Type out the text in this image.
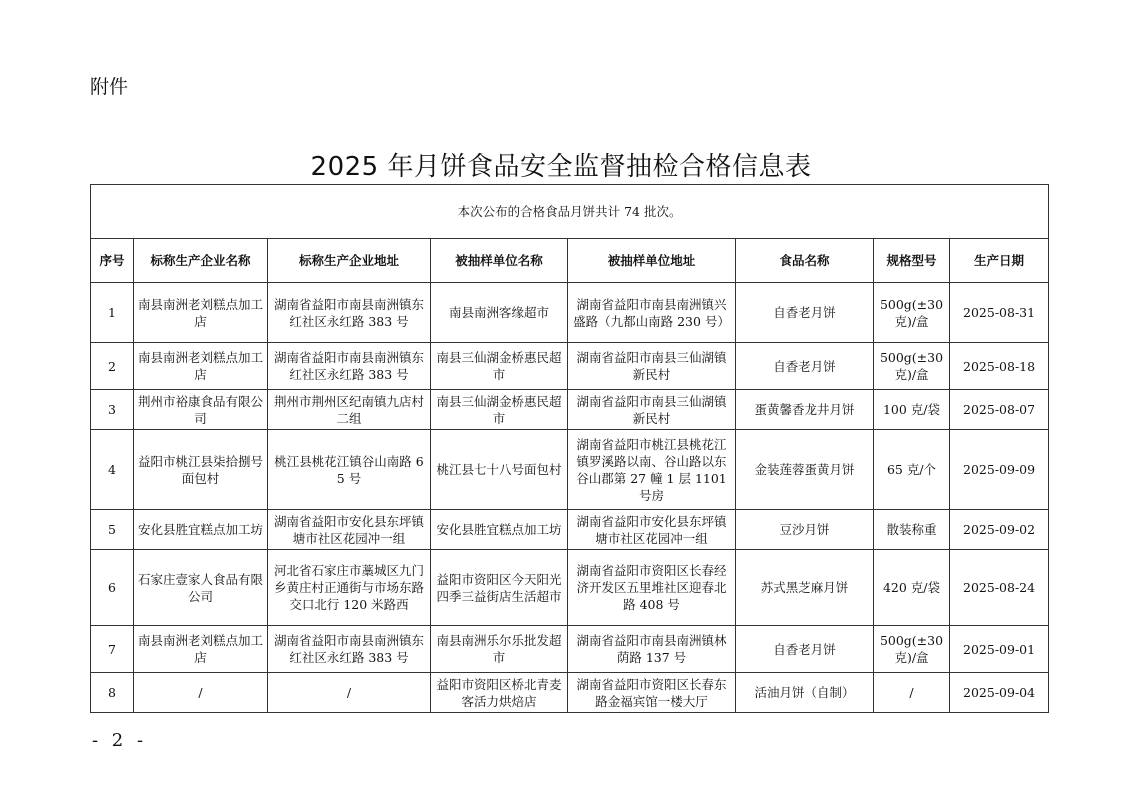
附件
2025 年月饼食品安全监督抽检合格信息表
本次公布的合格食品月饼共计 74 批次。							
序号	标称生产企业名称	标称生产企业地址	被抽样单位名称	被抽样单位地址	食品名称	规格型号	生产日期
1	南县南洲老刘糕点加工店	湖南省益阳市南县南洲镇东红社区永红路 383 号	南县南洲客缘超市	湖南省益阳市南县南洲镇兴盛路（九都山南路 230 号）	自香老月饼	500g(±30克)/盒	2025-08-31
2	南县南洲老刘糕点加工店	湖南省益阳市南县南洲镇东红社区永红路 383 号	南县三仙湖金桥惠民超市	湖南省益阳市南县三仙湖镇新民村	自香老月饼	500g(±30克)/盒	2025-08-18
3	荆州市裕康食品有限公司	荆州市荆州区纪南镇九店村二组	南县三仙湖金桥惠民超市	湖南省益阳市南县三仙湖镇新民村	蛋黄馨香龙井月饼	100 克/袋	2025-08-07
4	益阳市桃江县柒拾捌号面包村	桃江县桃花江镇谷山南路 65 号	桃江县七十八号面包村	湖南省益阳市桃江县桃花江镇罗溪路以南、谷山路以东谷山郡第 27 幢 1 层 1101 号房	金装莲蓉蛋黄月饼	65 克/个	2025-09-09
5	安化县胜宜糕点加工坊	湖南省益阳市安化县东坪镇塘市社区花园冲一组	安化县胜宜糕点加工坊	湖南省益阳市安化县东坪镇塘市社区花园冲一组	豆沙月饼	散装称重	2025-09-02
6	石家庄壹家人食品有限公司	河北省石家庄市藁城区九门乡黄庄村正通街与市场东路交口北行 120 米路西	益阳市资阳区今天阳光四季三益街店生活超市	湖南省益阳市资阳区长春经济开发区五里堆社区迎春北路 408 号	苏式黑芝麻月饼	420 克/袋	2025-08-24
7	南县南洲老刘糕点加工店	湖南省益阳市南县南洲镇东红社区永红路 383 号	南县南洲乐尔乐批发超市	湖南省益阳市南县南洲镇林荫路 137 号	自香老月饼	500g(±30克)/盒	2025-09-01
8	/	/	益阳市资阳区桥北青麦客活力烘焙店	湖南省益阳市资阳区长春东路金福宾馆一楼大厅	活油月饼（自制）	/	2025-09-04
- 2 -
